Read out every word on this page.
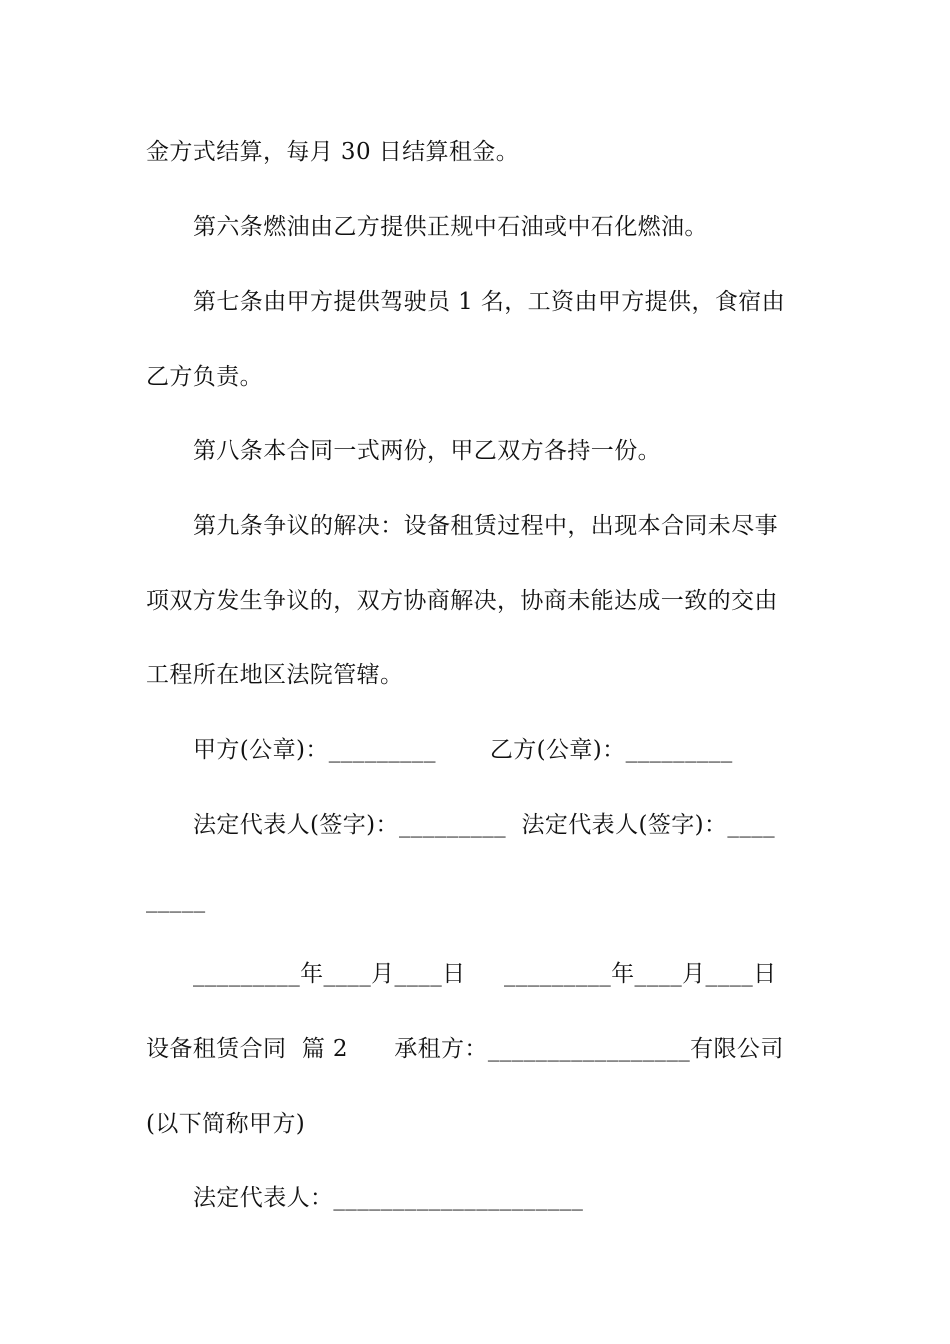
金方式结算，每月 30 日结算租金。
第六条燃油由乙方提供正规中石油或中石化燃油。
第七条由甲方提供驾驶员 1 名，工资由甲方提供，食宿由
乙方负责。
第八条本合同一式两份，甲乙双方各持一份。
第九条争议的解决：设备租赁过程中，出现本合同未尽事
项双方发生争议的，双方协商解决，协商未能达成一致的交由
工程所在地区法院管辖。
甲方(公章)：_________       乙方(公章)：_________
法定代表人(签字)：_________  法定代表人(签字)：____
_____
_________年____月____日     _________年____月____日
设备租赁合同  篇 2      承租方：_________________有限公司
(以下简称甲方)
法定代表人：_____________________
